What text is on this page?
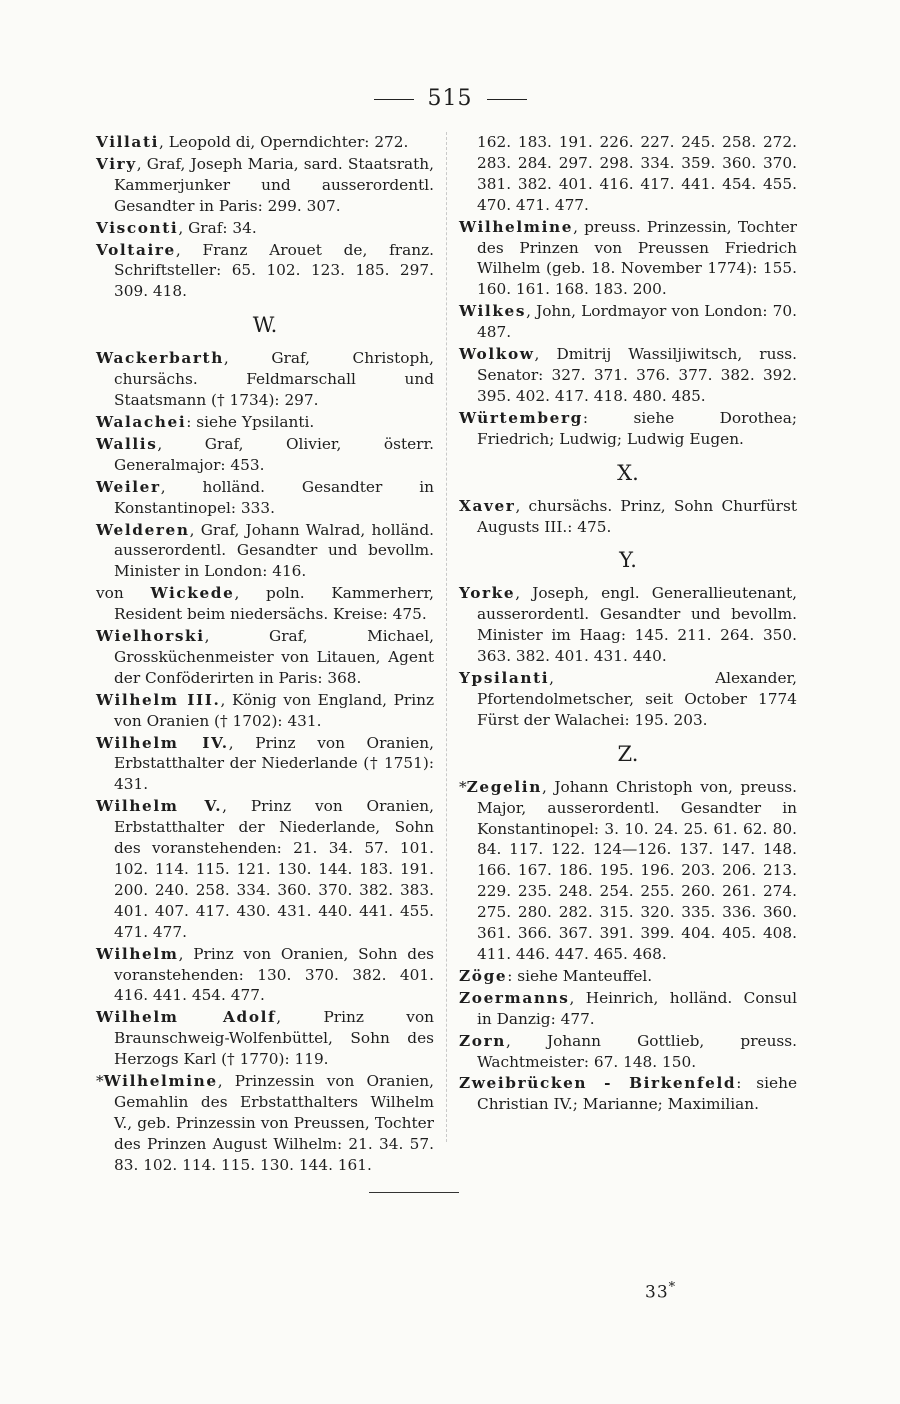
515
Villati, Leopold di, Operndichter: 272.
Viry, Graf, Joseph Maria, sard. Staatsrath, Kammerjunker und ausserordentl. Gesandter in Paris: 299. 307.
Visconti, Graf: 34.
Voltaire, Franz Arouet de, franz. Schriftsteller: 65. 102. 123. 185. 297. 309. 418.
W.
Wackerbarth, Graf, Christoph, chursächs. Feldmarschall und Staatsmann († 1734): 297.
Walachei: siehe Ypsilanti.
Wallis, Graf, Olivier, österr. Generalmajor: 453.
Weiler, holländ. Gesandter in Konstantinopel: 333.
Welderen, Graf, Johann Walrad, holländ. ausserordentl. Gesandter und bevollm. Minister in London: 416.
von Wickede, poln. Kammerherr, Resident beim niedersächs. Kreise: 475.
Wielhorski, Graf, Michael, Grossküchenmeister von Litauen, Agent der Conföderirten in Paris: 368.
Wilhelm III., König von England, Prinz von Oranien († 1702): 431.
Wilhelm IV., Prinz von Oranien, Erbstatthalter der Niederlande († 1751): 431.
Wilhelm V., Prinz von Oranien, Erbstatthalter der Niederlande, Sohn des voranstehenden: 21. 34. 57. 101. 102. 114. 115. 121. 130. 144. 183. 191. 200. 240. 258. 334. 360. 370. 382. 383. 401. 407. 417. 430. 431. 440. 441. 455. 471. 477.
Wilhelm, Prinz von Oranien, Sohn des voranstehenden: 130. 370. 382. 401. 416. 441. 454. 477.
Wilhelm Adolf, Prinz von Braunschweig-Wolfenbüttel, Sohn des Herzogs Karl († 1770): 119.
*Wilhelmine, Prinzessin von Oranien, Gemahlin des Erbstatthalters Wilhelm V., geb. Prinzessin von Preussen, Tochter des Prinzen August Wilhelm: 21. 34. 57. 83. 102. 114. 115. 130. 144. 161.
162. 183. 191. 226. 227. 245. 258. 272. 283. 284. 297. 298. 334. 359. 360. 370. 381. 382. 401. 416. 417. 441. 454. 455. 470. 471. 477.
Wilhelmine, preuss. Prinzessin, Tochter des Prinzen von Preussen Friedrich Wilhelm (geb. 18. November 1774): 155. 160. 161. 168. 183. 200.
Wilkes, John, Lordmayor von London: 70. 487.
Wolkow, Dmitrij Wassiljiwitsch, russ. Senator: 327. 371. 376. 377. 382. 392. 395. 402. 417. 418. 480. 485.
Würtemberg: siehe Dorothea; Friedrich; Ludwig; Ludwig Eugen.
X.
Xaver, chursächs. Prinz, Sohn Churfürst Augusts III.: 475.
Y.
Yorke, Joseph, engl. Generallieutenant, ausserordentl. Gesandter und bevollm. Minister im Haag: 145. 211. 264. 350. 363. 382. 401. 431. 440.
Ypsilanti, Alexander, Pfortendolmetscher, seit October 1774 Fürst der Walachei: 195. 203.
Z.
*Zegelin, Johann Christoph von, preuss. Major, ausserordentl. Gesandter in Konstantinopel: 3. 10. 24. 25. 61. 62. 80. 84. 117. 122. 124—126. 137. 147. 148. 166. 167. 186. 195. 196. 203. 206. 213. 229. 235. 248. 254. 255. 260. 261. 274. 275. 280. 282. 315. 320. 335. 336. 360. 361. 366. 367. 391. 399. 404. 405. 408. 411. 446. 447. 465. 468.
Zöge: siehe Manteuffel.
Zoermanns, Heinrich, holländ. Consul in Danzig: 477.
Zorn, Johann Gottlieb, preuss. Wachtmeister: 67. 148. 150.
Zweibrücken - Birkenfeld: siehe Christian IV.; Marianne; Maximilian.
33*
